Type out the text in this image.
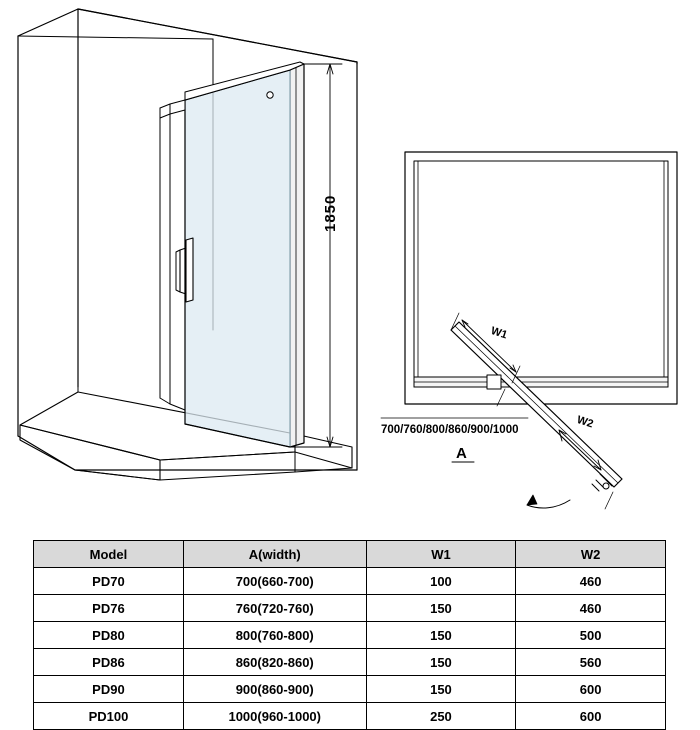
1850
700/760/800/860/900/1000
A
W1
W2
Model	A(width)	W1	W2
PD70	700(660-700)	100	460
PD76	760(720-760)	150	460
PD80	800(760-800)	150	500
PD86	860(820-860)	150	560
PD90	900(860-900)	150	600
PD100	1000(960-1000)	250	600
